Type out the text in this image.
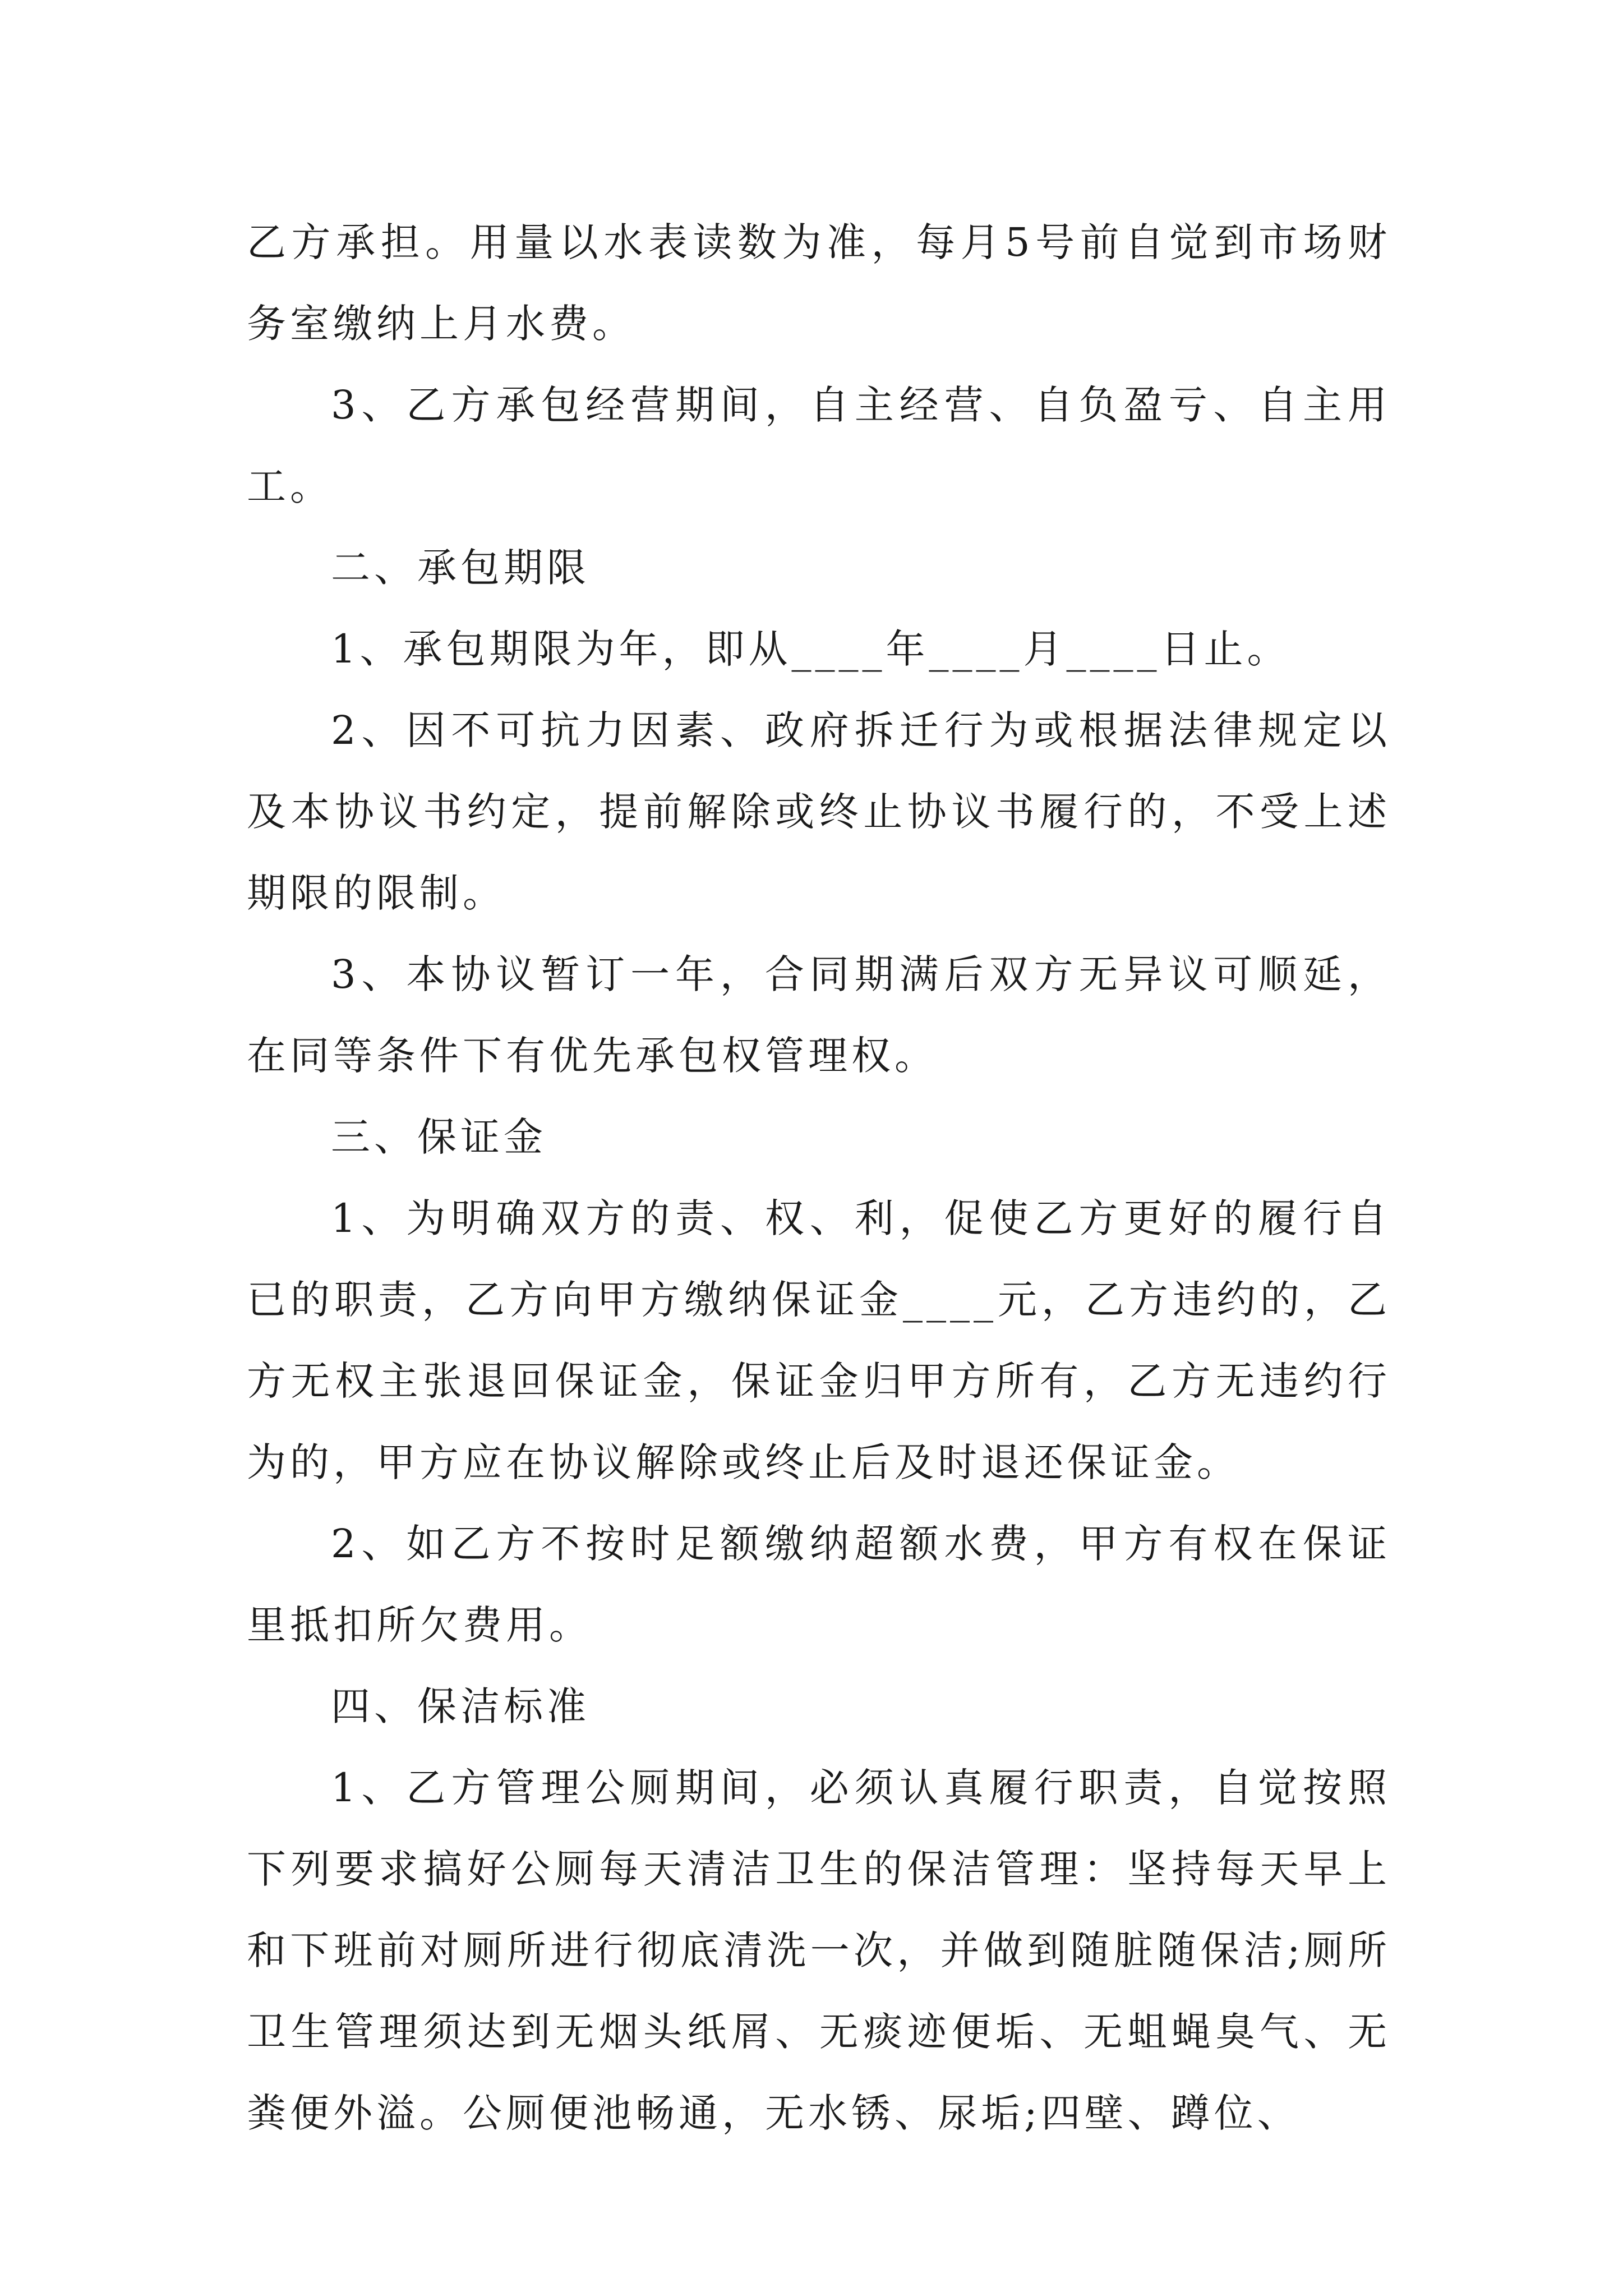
乙方承担。用量以水表读数为准，每月5号前自觉到市场财务室缴纳上月水费。

3、乙方承包经营期间，自主经营、自负盈亏、自主用工。

二、承包期限

1、承包期限为年，即从____年____月____日止。

2、因不可抗力因素、政府拆迁行为或根据法律规定以及本协议书约定，提前解除或终止协议书履行的，不受上述期限的限制。

3、本协议暂订一年，合同期满后双方无异议可顺延，在同等条件下有优先承包权管理权。

三、保证金

1、为明确双方的责、权、利，促使乙方更好的履行自已的职责，乙方向甲方缴纳保证金____元，乙方违约的，乙方无权主张退回保证金，保证金归甲方所有，乙方无违约行为的，甲方应在协议解除或终止后及时退还保证金。

2、如乙方不按时足额缴纳超额水费，甲方有权在保证里抵扣所欠费用。

四、保洁标准

1、乙方管理公厕期间，必须认真履行职责，自觉按照下列要求搞好公厕每天清洁卫生的保洁管理：坚持每天早上和下班前对厕所进行彻底清洗一次，并做到随脏随保洁;厕所卫生管理须达到无烟头纸屑、无痰迹便垢、无蛆蝇臭气、无粪便外溢。公厕便池畅通，无水锈、尿垢;四壁、蹲位、
